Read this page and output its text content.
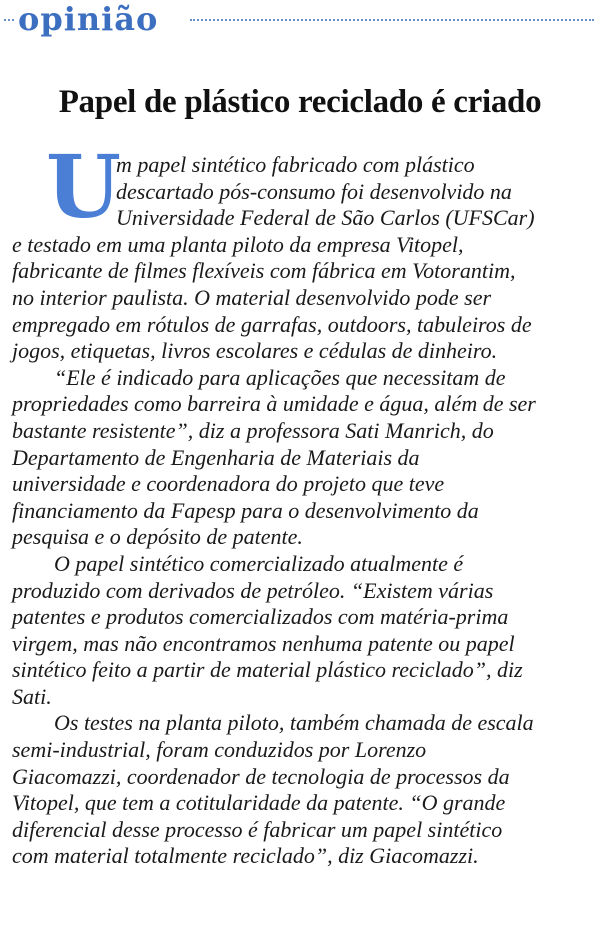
opinião
Papel de plástico reciclado é criado
U
m papel sintético fabricado com plástico
descartado pós-consumo foi desenvolvido na
Universidade Federal de São Carlos (UFSCar)
e testado em uma planta piloto da empresa Vitopel,
fabricante de filmes flexíveis com fábrica em Votorantim,
no interior paulista. O material desenvolvido pode ser
empregado em rótulos de garrafas, outdoors, tabuleiros de
jogos, etiquetas, livros escolares e cédulas de dinheiro.
“Ele é indicado para aplicações que necessitam de
propriedades como barreira à umidade e água, além de ser
bastante resistente”, diz a professora Sati Manrich, do
Departamento de Engenharia de Materiais da
universidade e coordenadora do projeto que teve
financiamento da Fapesp para o desenvolvimento da
pesquisa e o depósito de patente.
O papel sintético comercializado atualmente é
produzido com derivados de petróleo. “Existem várias
patentes e produtos comercializados com matéria-prima
virgem, mas não encontramos nenhuma patente ou papel
sintético feito a partir de material plástico reciclado”, diz
Sati.
Os testes na planta piloto, também chamada de escala
semi-industrial, foram conduzidos por Lorenzo
Giacomazzi, coordenador de tecnologia de processos da
Vitopel, que tem a cotitularidade da patente. “O grande
diferencial desse processo é fabricar um papel sintético
com material totalmente reciclado”, diz Giacomazzi.
